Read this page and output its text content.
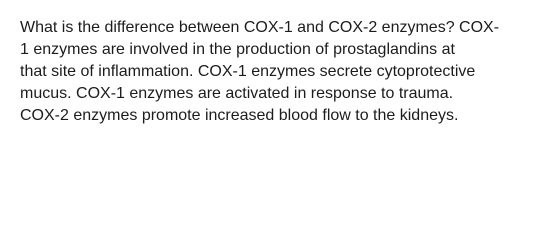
What is the difference between COX-1 and COX-2 enzymes? COX-
1 enzymes are involved in the production of prostaglandins at
that site of inflammation. COX-1 enzymes secrete cytoprotective
mucus. COX-1 enzymes are activated in response to trauma.
COX-2 enzymes promote increased blood flow to the kidneys.
